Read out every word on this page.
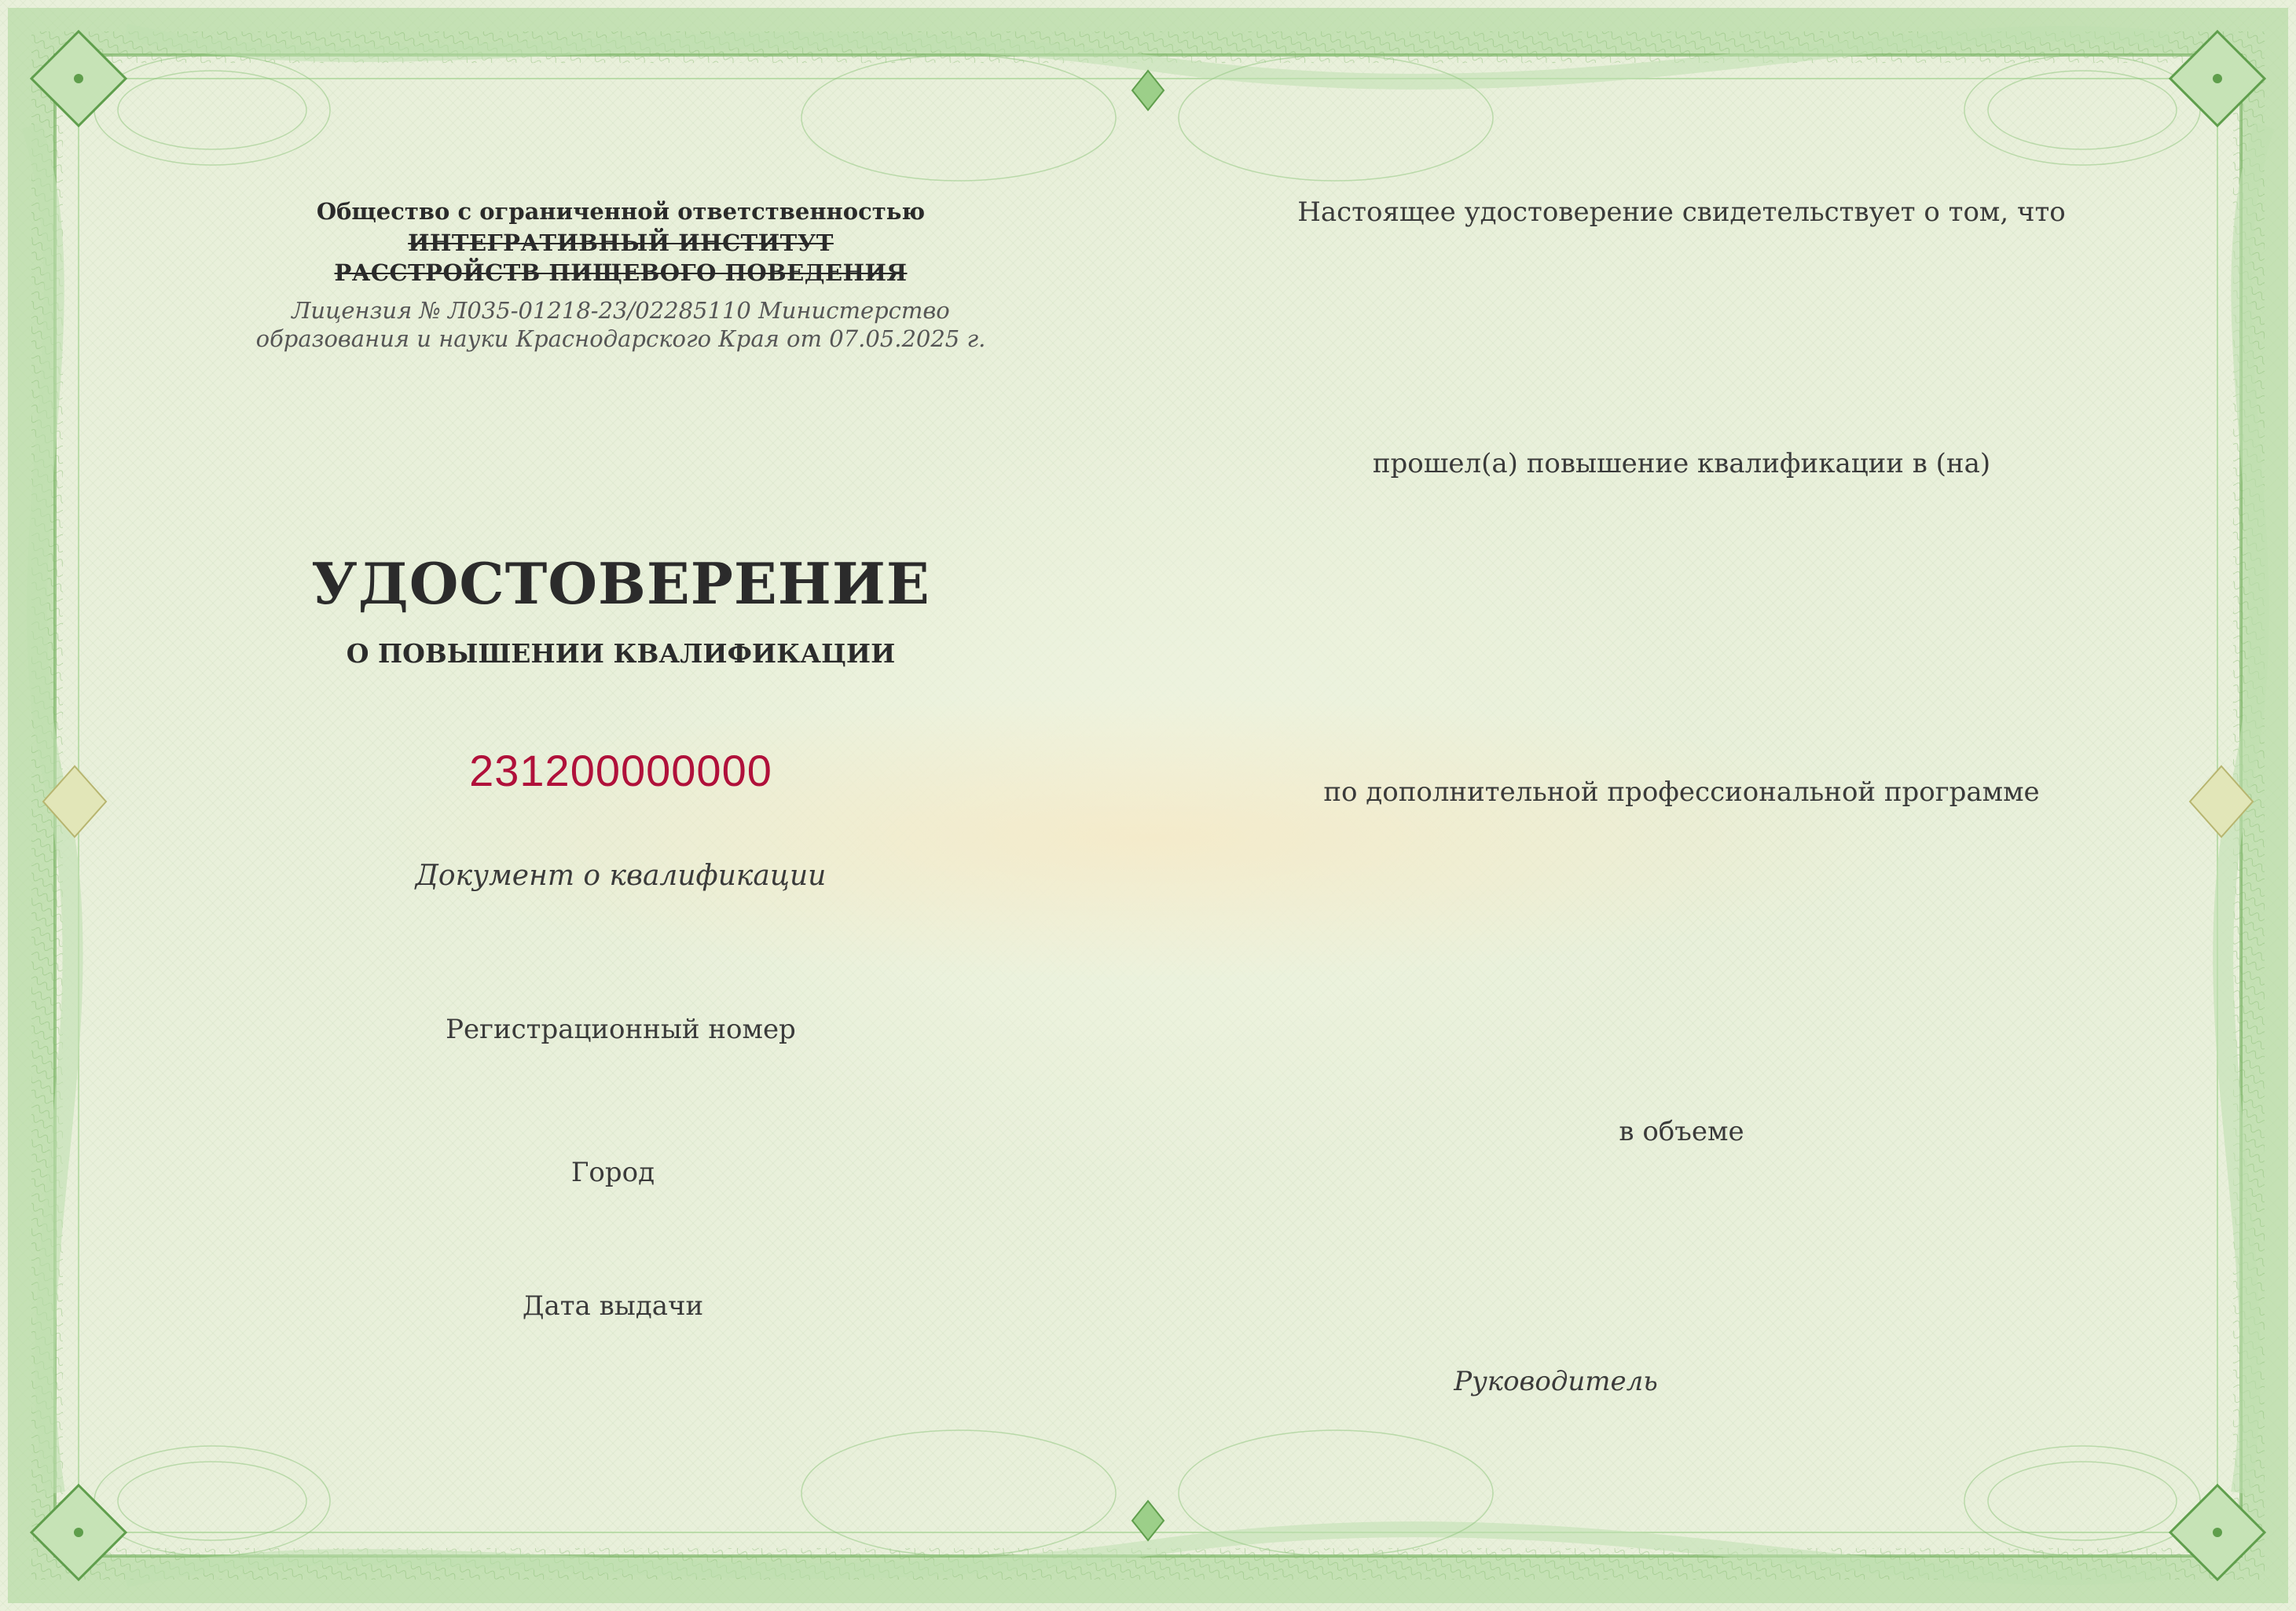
Общество с ограниченной ответственностью
ИНТЕГРАТИВНЫЙ ИНСТИТУТ
РАССТРОЙСТВ ПИЩЕВОГО ПОВЕДЕНИЯ
Лицензия № Л035-01218-23/02285110 Министерство
образования и науки Краснодарского Края от 07.05.2025 г.
УДОСТОВЕРЕНИЕ
О ПОВЫШЕНИИ КВАЛИФИКАЦИИ
231200000000
Документ о квалификации
Регистрационный номер
Город
Дата выдачи
Настоящее удостоверение свидетельствует о том, что
прошел(а) повышение квалификации в (на)
по дополнительной профессиональной программе
в объеме
Руководитель
